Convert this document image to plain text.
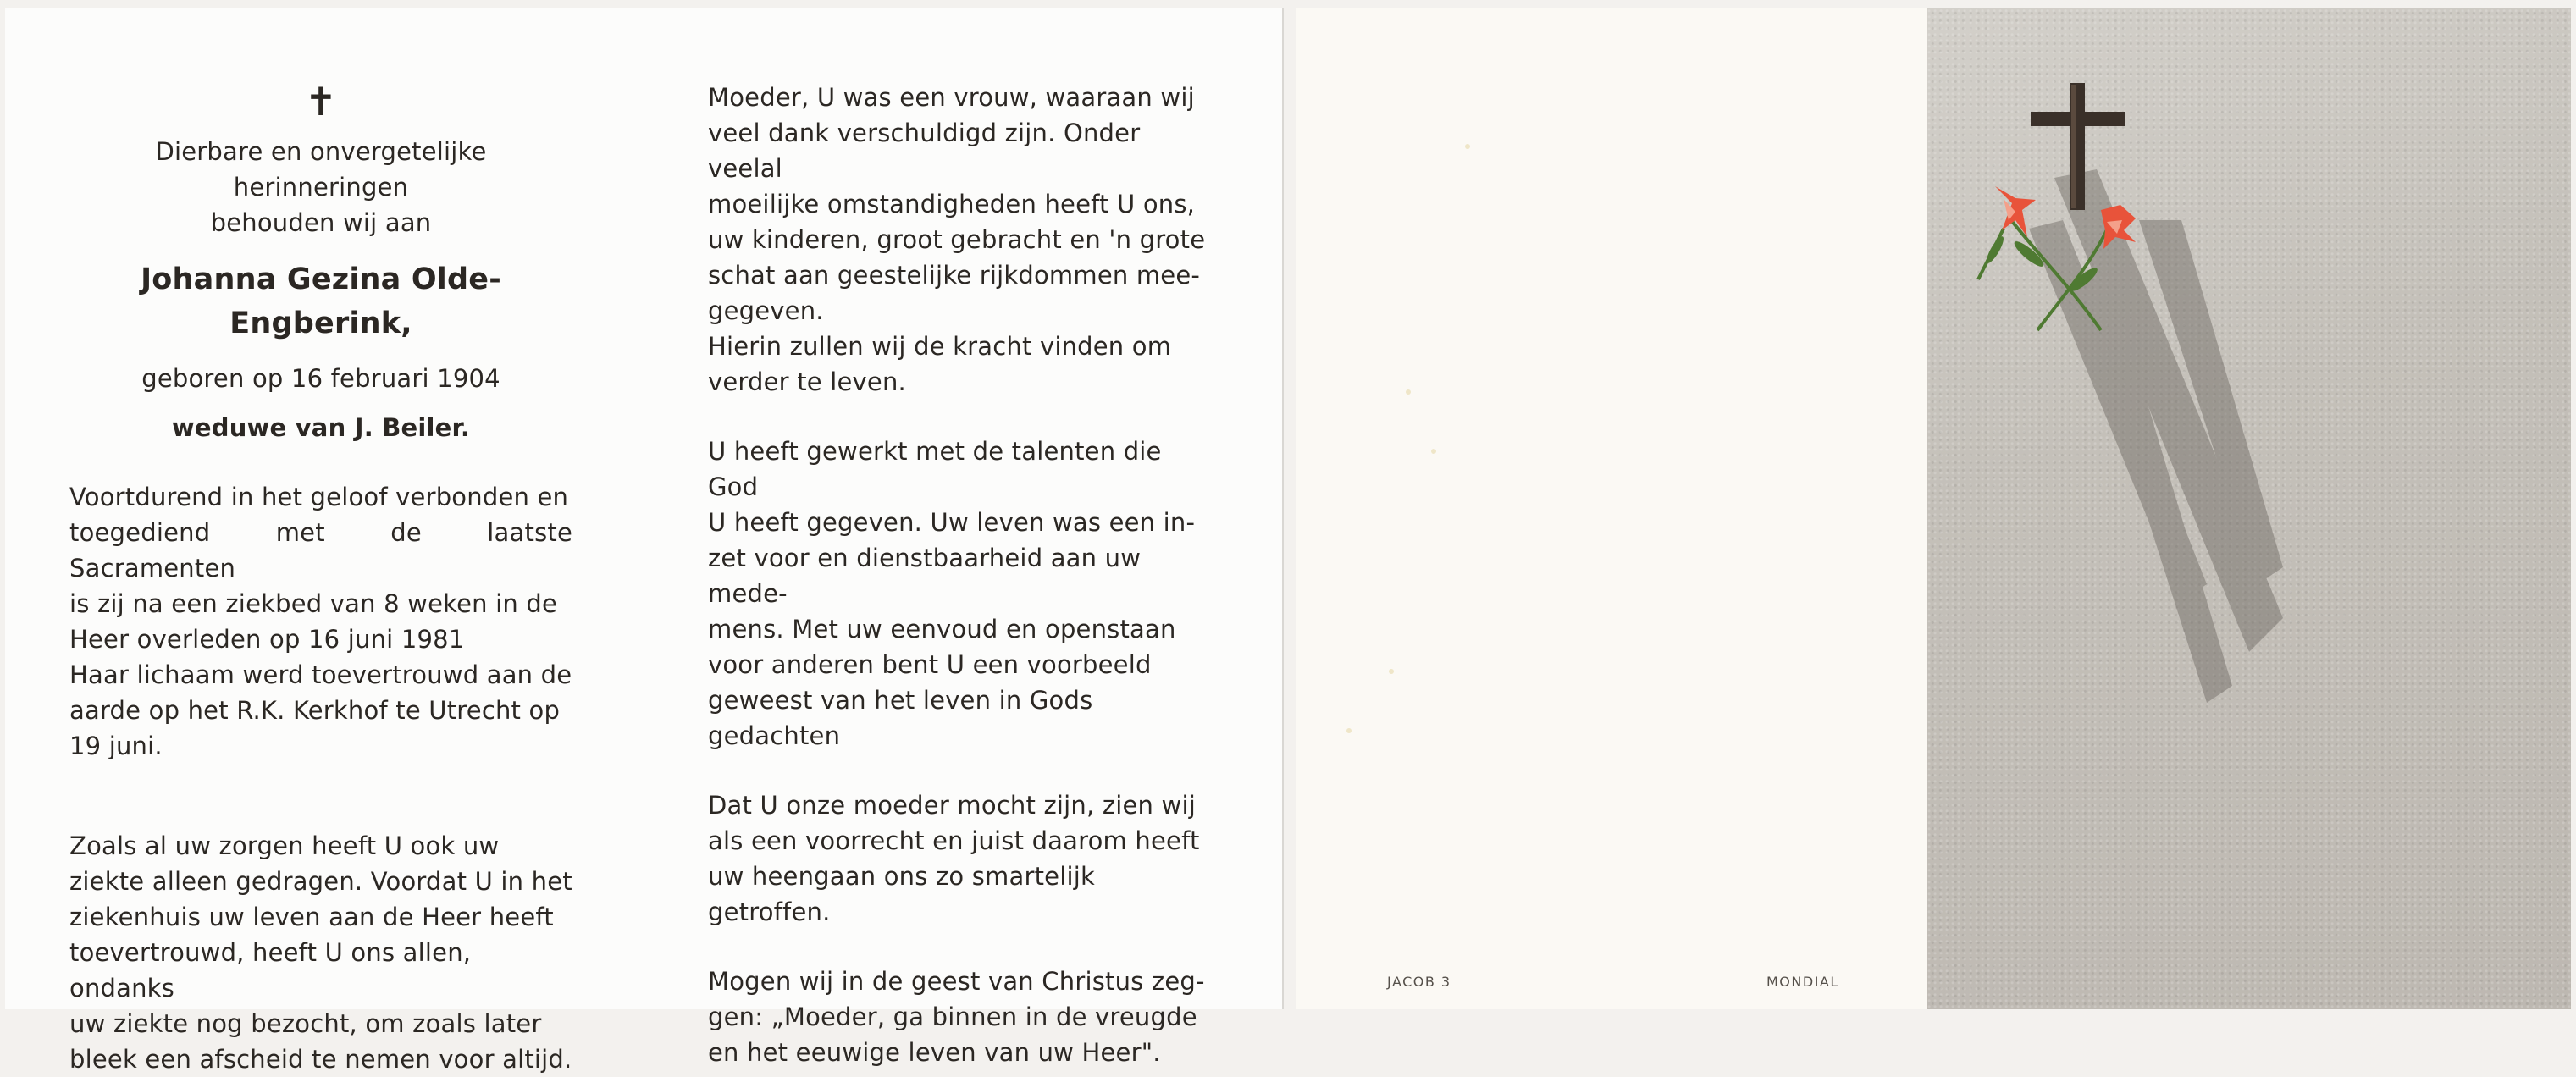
✝

Dierbare en onvergetelijke herinneringen

behouden wij aan

Johanna Gezina Olde-Engberink,

geboren op 16 februari 1904

weduwe van J. Beiler.

Voortdurend in het geloof verbonden en
toegediend met de laatste Sacramenten
is zij na een ziekbed van 8 weken in de
Heer overleden op 16 juni 1981
Haar lichaam werd toevertrouwd aan de
aarde op het R.K. Kerkhof te Utrecht op
19 juni.
Zoals al uw zorgen heeft U ook uw
ziekte alleen gedragen. Voordat U in het
ziekenhuis uw leven aan de Heer heeft
toevertrouwd, heeft U ons allen, ondanks
uw ziekte nog bezocht, om zoals later
bleek een afscheid te nemen voor altijd.
Moeder, U was een vrouw, waaraan wij
veel dank verschuldigd zijn. Onder veelal
moeilijke omstandigheden heeft U ons,
uw kinderen, groot gebracht en 'n grote
schat aan geestelijke rijkdommen mee-
gegeven.
Hierin zullen wij de kracht vinden om
verder te leven.
U heeft gewerkt met de talenten die God
U heeft gegeven. Uw leven was een in-
zet voor en dienstbaarheid aan uw mede-
mens. Met uw eenvoud en openstaan
voor anderen bent U een voorbeeld
geweest van het leven in Gods
gedachten
Dat U onze moeder mocht zijn, zien wij
als een voorrecht en juist daarom heeft
uw heengaan ons zo smartelijk getroffen.
Mogen wij in de geest van Christus zeg-
gen: „Moeder, ga binnen in de vreugde
en het eeuwige leven van uw Heer".
JACOB 3	MONDIAL
